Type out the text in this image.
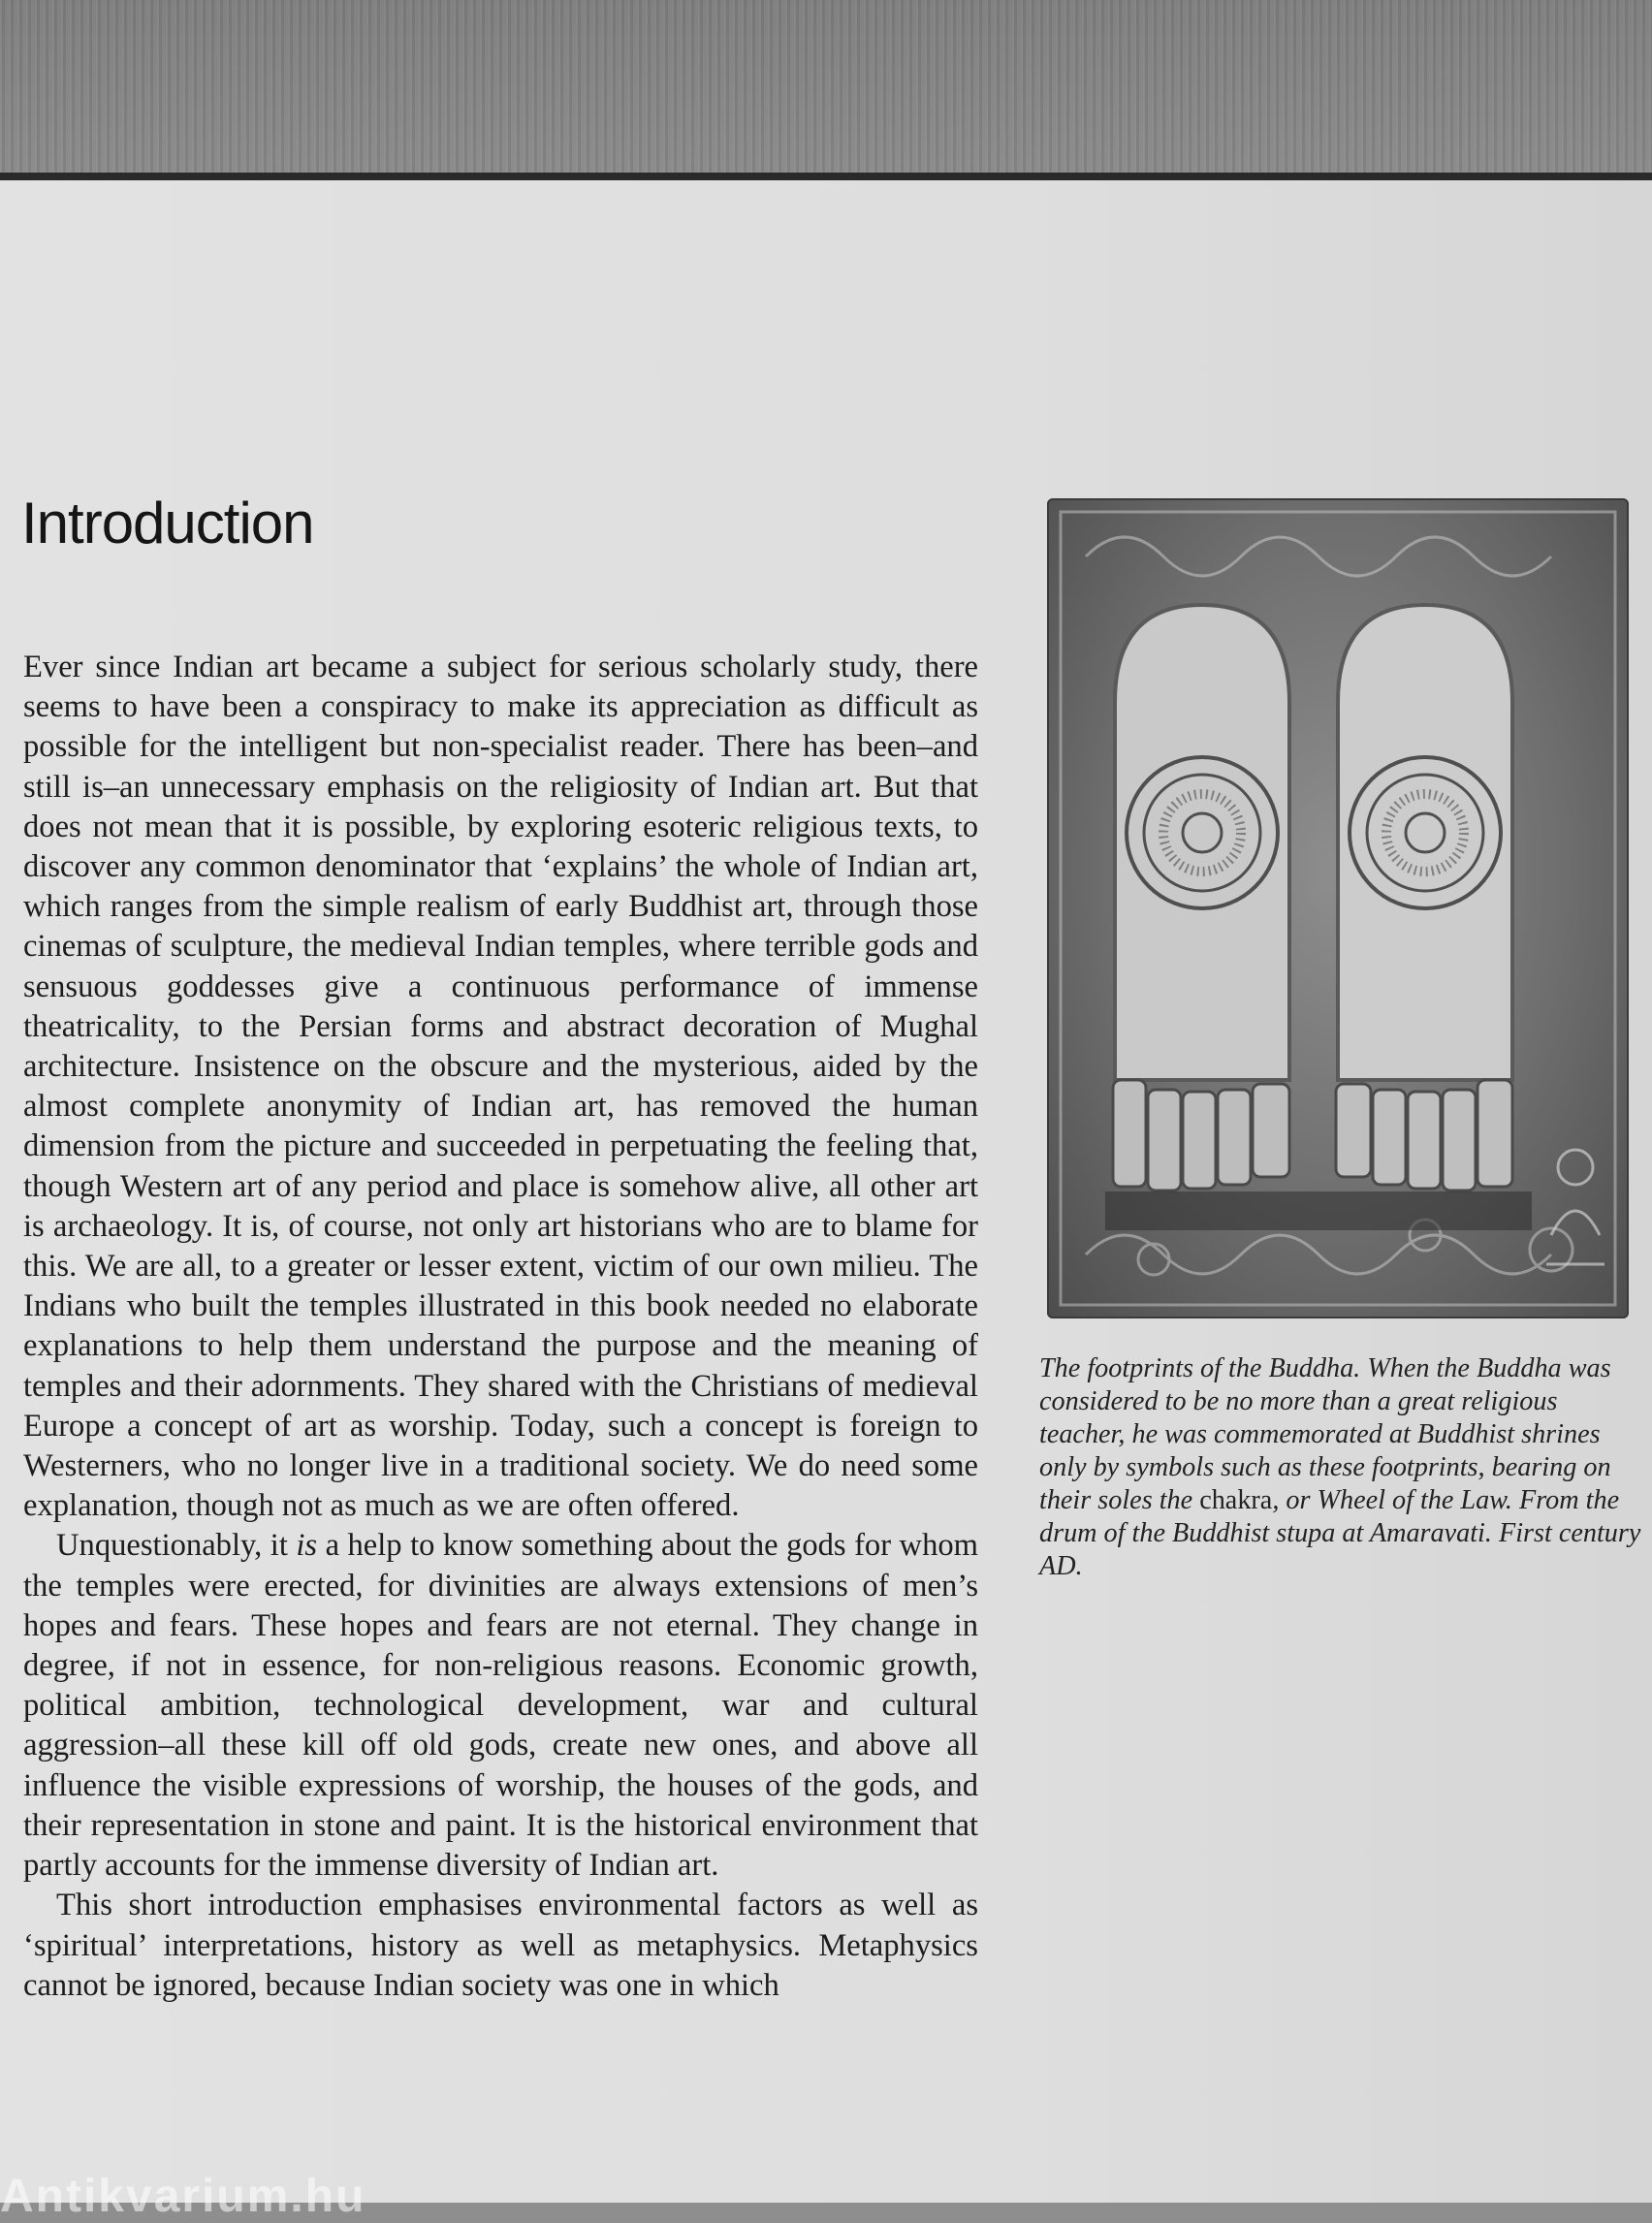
Introduction

Ever since Indian art became a subject for serious scholarly study, there seems to have been a conspiracy to make its appreciation as difficult as possible for the intelligent but non-specialist reader. There has been–and still is–an unnecessary emphasis on the religiosity of Indian art. But that does not mean that it is possible, by exploring esoteric religious texts, to discover any common denominator that ‘explains’ the whole of Indian art, which ranges from the simple realism of early Buddhist art, through those cinemas of sculpture, the medieval Indian temples, where terrible gods and sensuous goddesses give a continuous performance of immense theatricality, to the Persian forms and abstract decoration of Mughal architecture. Insistence on the obscure and the mysterious, aided by the almost complete anonymity of Indian art, has removed the human dimension from the picture and succeeded in perpetuating the feeling that, though Western art of any period and place is somehow alive, all other art is archaeology. It is, of course, not only art historians who are to blame for this. We are all, to a greater or lesser extent, victim of our own milieu. The Indians who built the temples illustrated in this book needed no elaborate explanations to help them understand the purpose and the meaning of temples and their adornments. They shared with the Christians of medieval Europe a concept of art as worship. Today, such a concept is foreign to Westerners, who no longer live in a traditional society. We do need some explanation, though not as much as we are often offered.

Unquestionably, it is a help to know something about the gods for whom the temples were erected, for divinities are always extensions of men’s hopes and fears. These hopes and fears are not eternal. They change in degree, if not in essence, for non-religious reasons. Economic growth, political ambition, technological development, war and cultural aggression–all these kill off old gods, create new ones, and above all influence the visible expressions of worship, the houses of the gods, and their representation in stone and paint. It is the historical environment that partly accounts for the immense diversity of Indian art.

This short introduction emphasises environmental factors as well as ‘spiritual’ interpretations, history as well as metaphysics. Metaphysics cannot be ignored, because Indian society was one in which

The footprints of the Buddha. When the Buddha was considered to be no more than a great religious teacher, he was commemorated at Buddhist shrines only by symbols such as these footprints, bearing on their soles the chakra, or Wheel of the Law. From the drum of the Buddhist stupa at Amaravati. First century AD.
Antikvarium.hu
